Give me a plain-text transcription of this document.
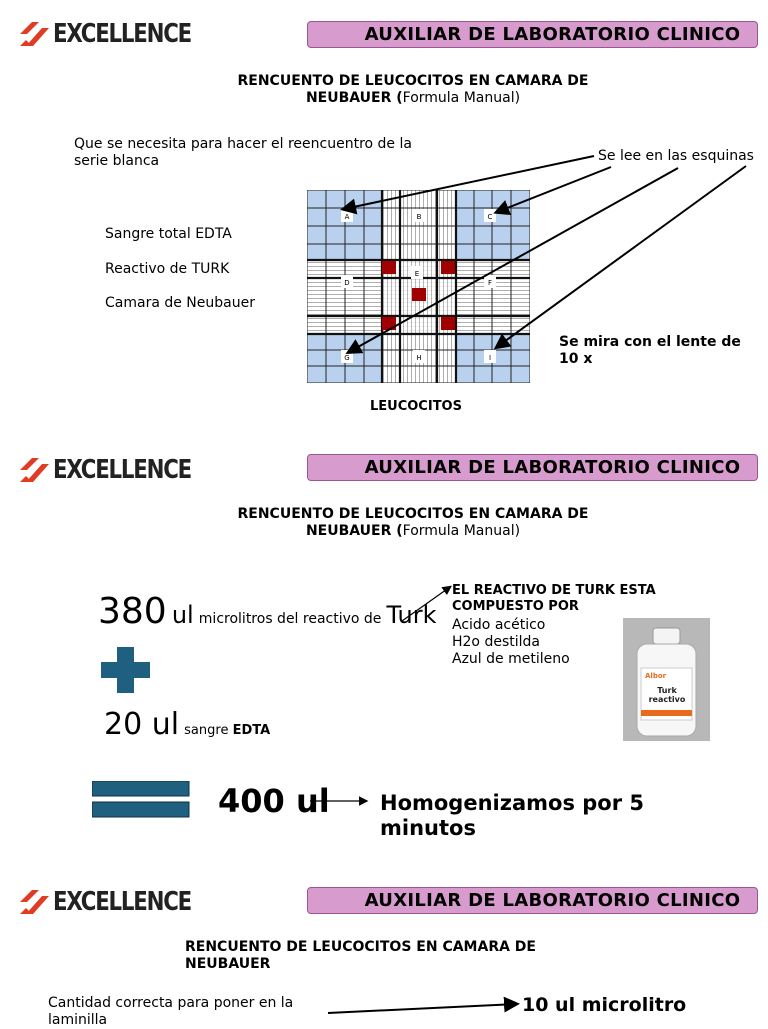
EXCELLENCE	AUXILIAR DE LABORATORIO CLINICO
RENCUENTO DE LEUCOCITOS EN CAMARA DE NEUBAUER (Formula Manual)
Que se necesita para hacer el reencuentro de la serie blanca
Sangre total EDTA
Reactivo de TURK
Camara de Neubauer
Se lee en las esquinas
Se mira con el lente de 10 x
LEUCOCITOS
A	B	C
D
E
F
G	H	I
EXCELLENCE	AUXILIAR DE LABORATORIO CLINICO
RENCUENTO DE LEUCOCITOS EN CAMARA DE NEUBAUER (Formula Manual)
380 ul microlitros del reactivo de Turk
20 ul sangre EDTA
400 ul Homogenizamos por 5 minutos
EL REACTIVO DE TURK ESTA COMPUESTO POR
Acido acético
H2o destilda
Azul de metileno
Albor
Turk reactivo
EXCELLENCE	AUXILIAR DE LABORATORIO CLINICO
RENCUENTO DE LEUCOCITOS EN CAMARA DE NEUBAUER
Cantidad correcta para poner en la laminilla
10 ul microlitro
